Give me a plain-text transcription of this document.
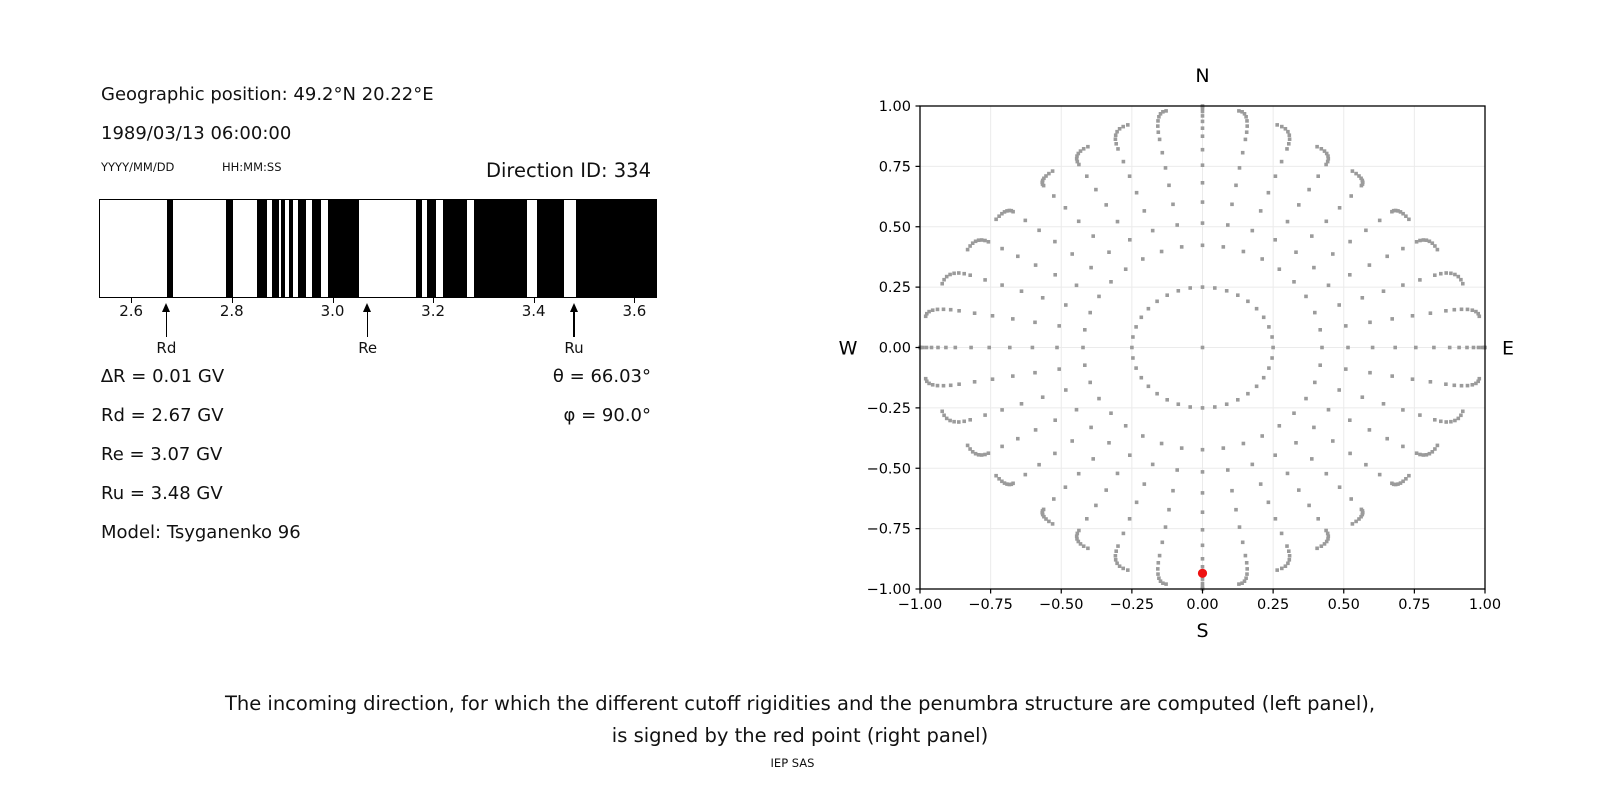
Geographic position: 49.2°N 20.22°E
1989/03/13 06:00:00
YYYY/MM/DD	HH:MM:SS	Direction ID: 334
2.6	2.8	3.0	3.2	3.4	3.6
Rd	Re	Ru
∆R = 0.01 GV
Rd = 2.67 GV
Re = 3.07 GV
Ru = 3.48 GV
Model: Tsyganenko 96
θ = 66.03°
φ = 90.0°
−1.00 −0.75 −0.50 −0.25 0.00	0.25	0.50	0.75	1.00
1.00
0.75
0.50
0.25
0.00
−0.25
−0.50
−0.75
−1.00
N
S
W	E
The incoming direction, for which the different cutoff rigidities and the penumbra structure are computed (left panel),
is signed by the red point (right panel)
IEP SAS
